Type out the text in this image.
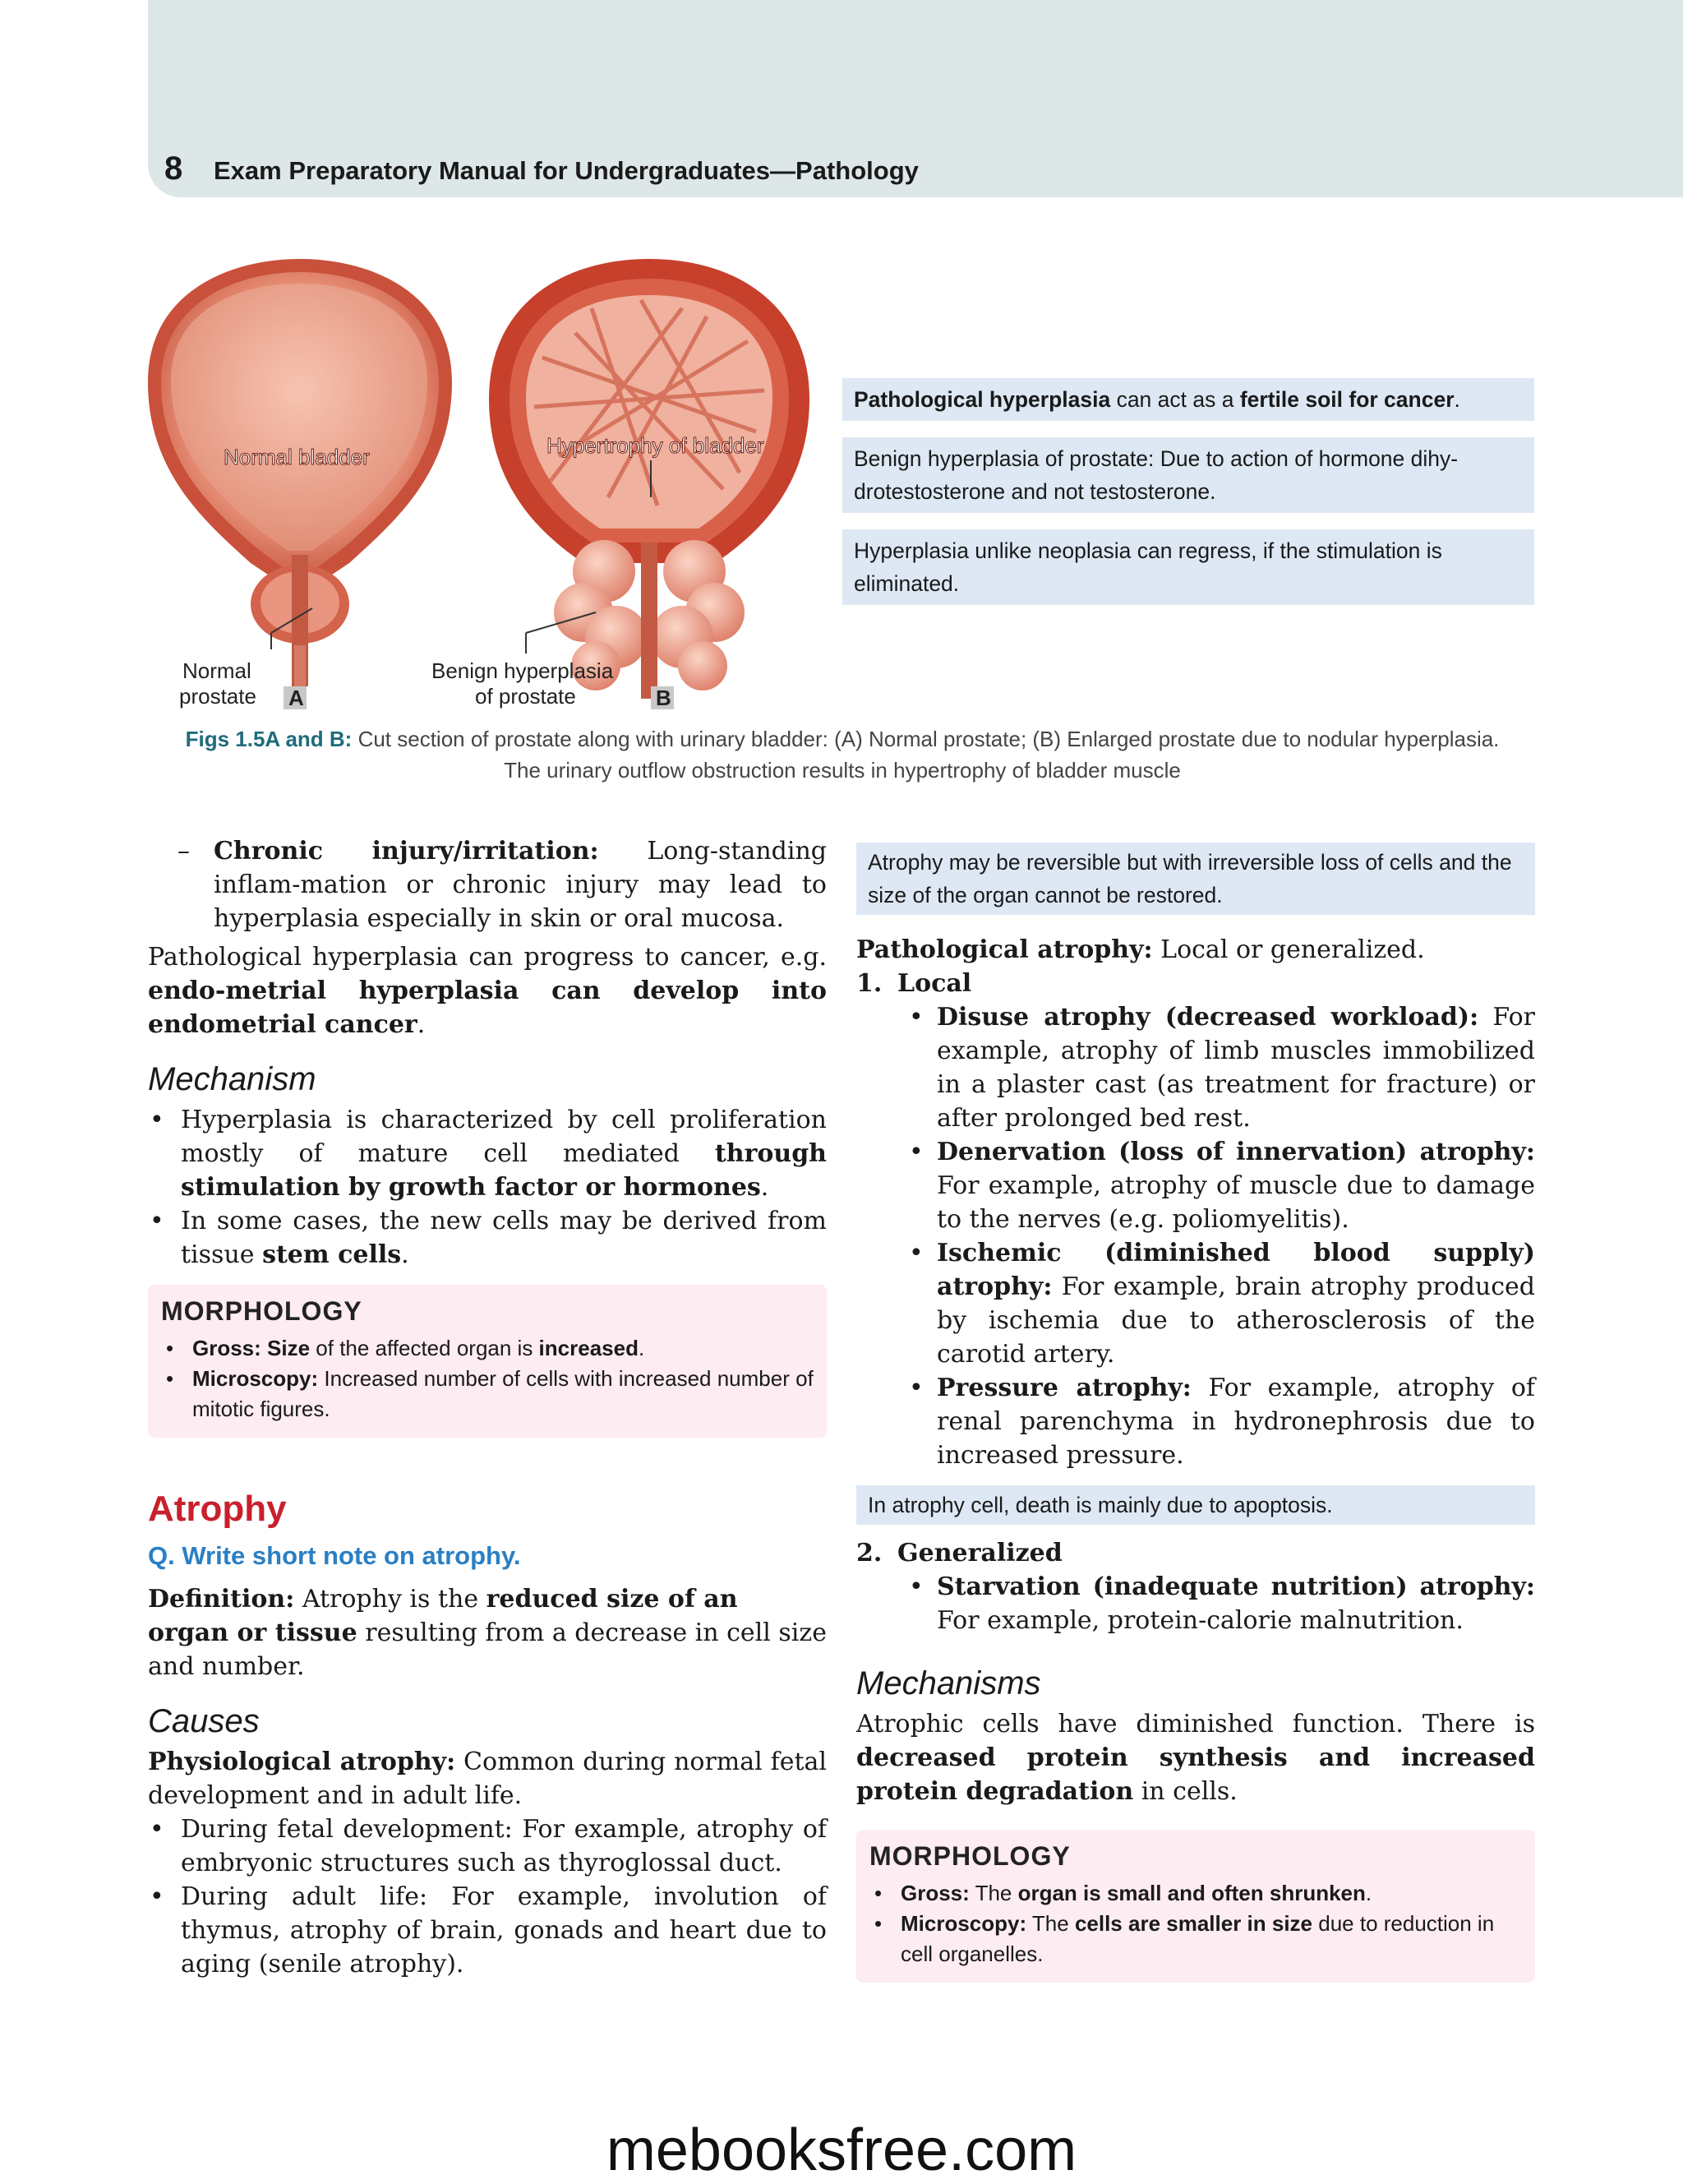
8 Exam Preparatory Manual for Undergraduates—Pathology
Normal bladder	Hypertrophy of bladder
Normal
prostate A
Benign hyperplasia
of prostate	B
Pathological hyperplasia can act as a fertile soil for cancer.
Benign hyperplasia of prostate: Due to action of hormone dihy-drotestosterone and not testosterone.
Hyperplasia unlike neoplasia can regress, if the stimulation is eliminated.
Figs 1.5A and B: Cut section of prostate along with urinary bladder: (A) Normal prostate; (B) Enlarged prostate due to nodular hyperplasia.
The urinary outflow obstruction results in hypertrophy of bladder muscle

– Chronic injury/irritation: Long-standing inflam-mation or chronic injury may lead to hyperplasia especially in skin or oral mucosa.

Pathological hyperplasia can progress to cancer, e.g. endo-metrial hyperplasia can develop into endometrial cancer.

Mechanism
• Hyperplasia is characterized by cell proliferation mostly of mature cell mediated through stimulation by growth factor or hormones.
• In some cases, the new cells may be derived from tissue stem cells.
MORPHOLOGY
• Gross: Size of the affected organ is increased.
• Microscopy: Increased number of cells with increased number of mitotic figures.
Atrophy
Q. Write short note on atrophy.

Definition: Atrophy is the reduced size of an organ or tissue resulting from a decrease in cell size and number.

Causes

Physiological atrophy: Common during normal fetal development and in adult life.

• During fetal development: For example, atrophy of embryonic structures such as thyroglossal duct.
• During adult life: For example, involution of thymus, atrophy of brain, gonads and heart due to aging (senile atrophy).
Atrophy may be reversible but with irreversible loss of cells and the size of the organ cannot be restored.

Pathological atrophy: Local or generalized.

1. Local

• Disuse atrophy (decreased workload): For example, atrophy of limb muscles immobilized in a plaster cast (as treatment for fracture) or after prolonged bed rest.
• Denervation (loss of innervation) atrophy: For example, atrophy of muscle due to damage to the nerves (e.g. poliomyelitis).
• Ischemic (diminished blood supply) atrophy: For example, brain atrophy produced by ischemia due to atherosclerosis of the carotid artery.
• Pressure atrophy: For example, atrophy of renal parenchyma in hydronephrosis due to increased pressure.
In atrophy cell, death is mainly due to apoptosis.

2. Generalized

• Starvation (inadequate nutrition) atrophy: For example, protein-calorie malnutrition.
Mechanisms

Atrophic cells have diminished function. There is decreased protein synthesis and increased protein degradation in cells.

MORPHOLOGY
• Gross: The organ is small and often shrunken.
• Microscopy: The cells are smaller in size due to reduction in cell organelles.
mebooksfree.com
